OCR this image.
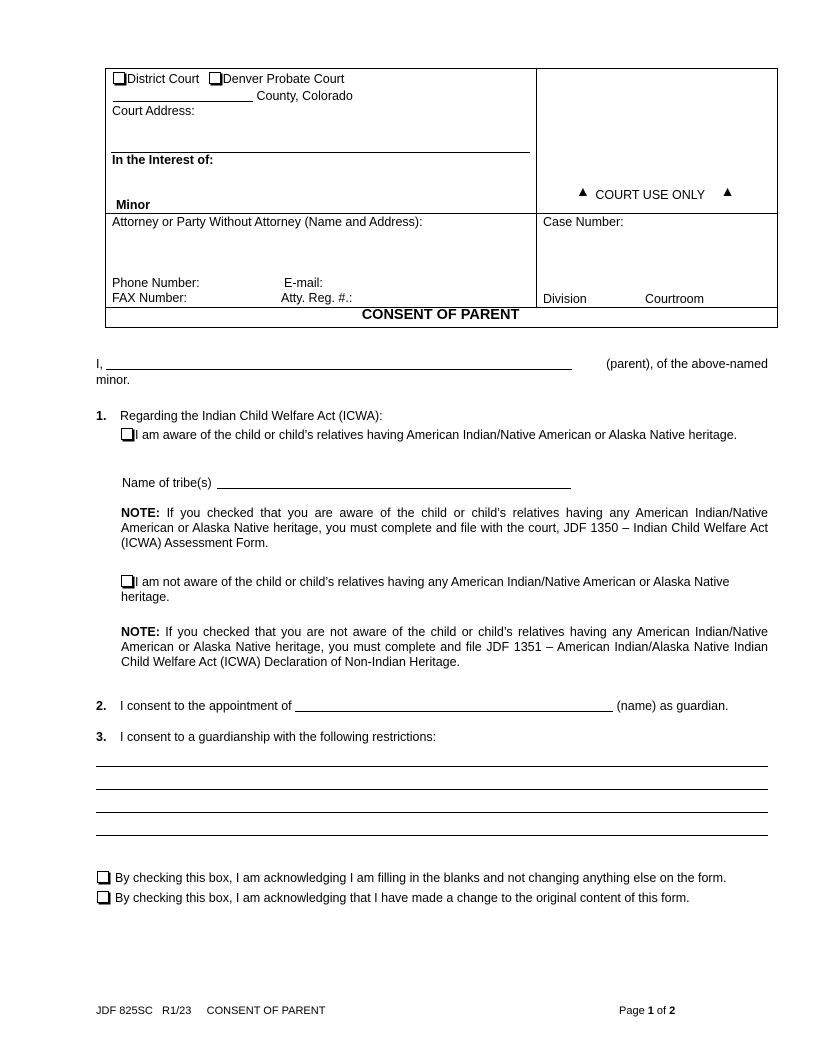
District Court Denver Probate Court
County, Colorado
Court Address:
In the Interest of:
Minor
▲ COURT USE ONLY ▲
Attorney or Party Without Attorney (Name and Address):
Phone Number:	E-mail:
FAX Number:	Atty. Reg. #.:
Case Number:
Division	Courtroom
CONSENT OF PARENT
I,	(parent), of the above-named
minor.
1. Regarding the Indian Child Welfare Act (ICWA):
I am aware of the child or child’s relatives having American Indian/Native American or Alaska Native heritage.
Name of tribe(s)
NOTE: If you checked that you are aware of the child or child’s relatives having any American Indian/Native American or Alaska Native heritage, you must complete and file with the court, JDF 1350 – Indian Child Welfare Act (ICWA) Assessment Form.
I am not aware of the child or child’s relatives having any American Indian/Native American or Alaska Native heritage.
NOTE: If you checked that you are not aware of the child or child’s relatives having any American Indian/Native American or Alaska Native heritage, you must complete and file JDF 1351 – American Indian/Alaska Native Indian Child Welfare Act (ICWA) Declaration of Non-Indian Heritage.
2. I consent to the appointment of	(name) as guardian.
3. I consent to a guardianship with the following restrictions:
By checking this box, I am acknowledging I am filling in the blanks and not changing anything else on the form.
By checking this box, I am acknowledging that I have made a change to the original content of this form.
JDF 825SC   R1/23     CONSENT OF PARENT	Page 1 of 2
